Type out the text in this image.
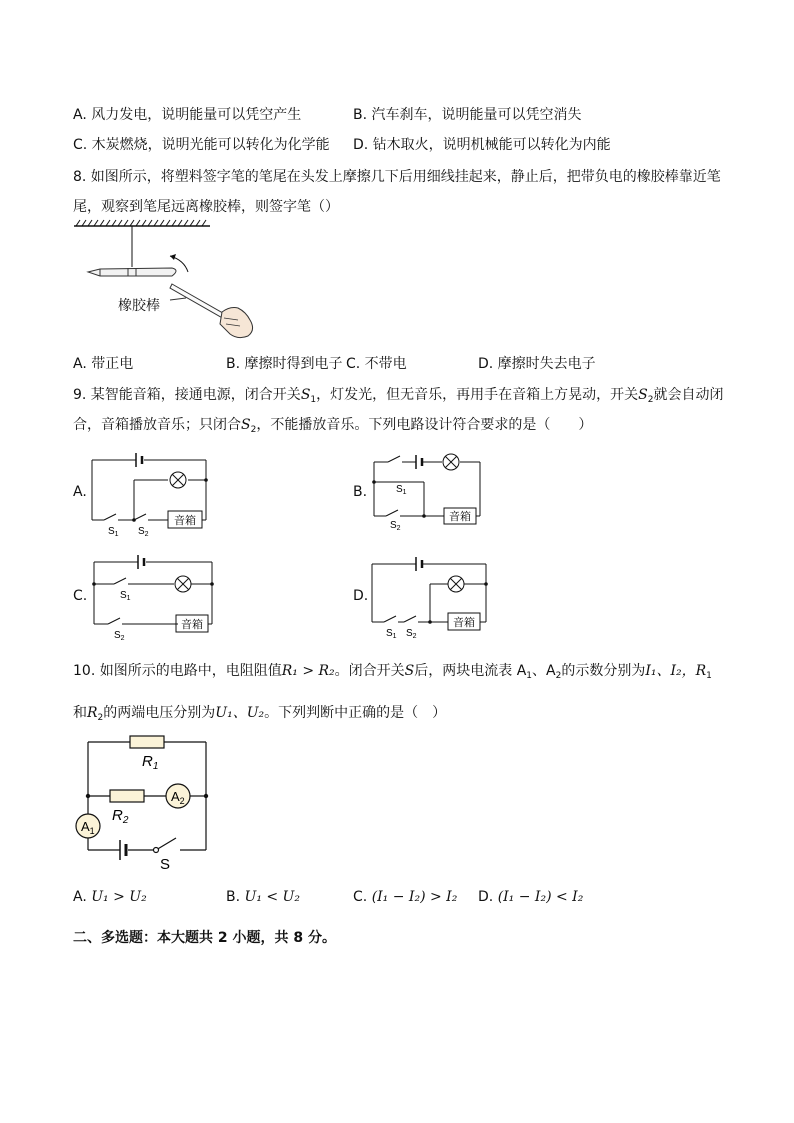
A. 风力发电，说明能量可以凭空产生	B. 汽车刹车，说明能量可以凭空消失
C. 木炭燃烧，说明光能可以转化为化学能 D. 钻木取火，说明机械能可以转化为内能
8. 如图所示，将塑料签字笔的笔尾在头发上摩擦几下后用细线挂起来，静止后，把带负电的橡胶棒靠近笔
尾，观察到笔尾远离橡胶棒，则签字笔（）
橡胶棒
A. 带正电	B. 摩擦时得到电子 C. 不带电	D. 摩擦时失去电子
9. 某智能音箱，接通电源，闭合开关$S_1$，灯发光，但无音乐，再用手在音箱上方晃动，开关$S_2$就会自动闭
合，音箱播放音乐；只闭合$S_2$，不能播放音乐。下列电路设计符合要求的是（　　）
A.
音箱
$S_1$ $S_2$
B.
音箱
$S_1$
$S_2$
C.
音箱
$S_1$
$S_2$
D.
音箱
$S_1$ $S_2$
10. 如图所示的电路中，电阻阻值R₁ > R₂。闭合开关S后，两块电流表 $A_1$、$A_2$的示数分别为I₁、I₂，$R_1$
和$R_2$的两端电压分别为U₁、U₂。下列判断中正确的是（　）
$R_1$
$R_2$
$A_2$
$A_1$
S
A. U₁ > U₂	B. U₁ < U₂	C. (I₁ − I₂) > I₂ D. (I₁ − I₂) < I₂
二、多选题：本大题共 2 小题，共 8 分。
